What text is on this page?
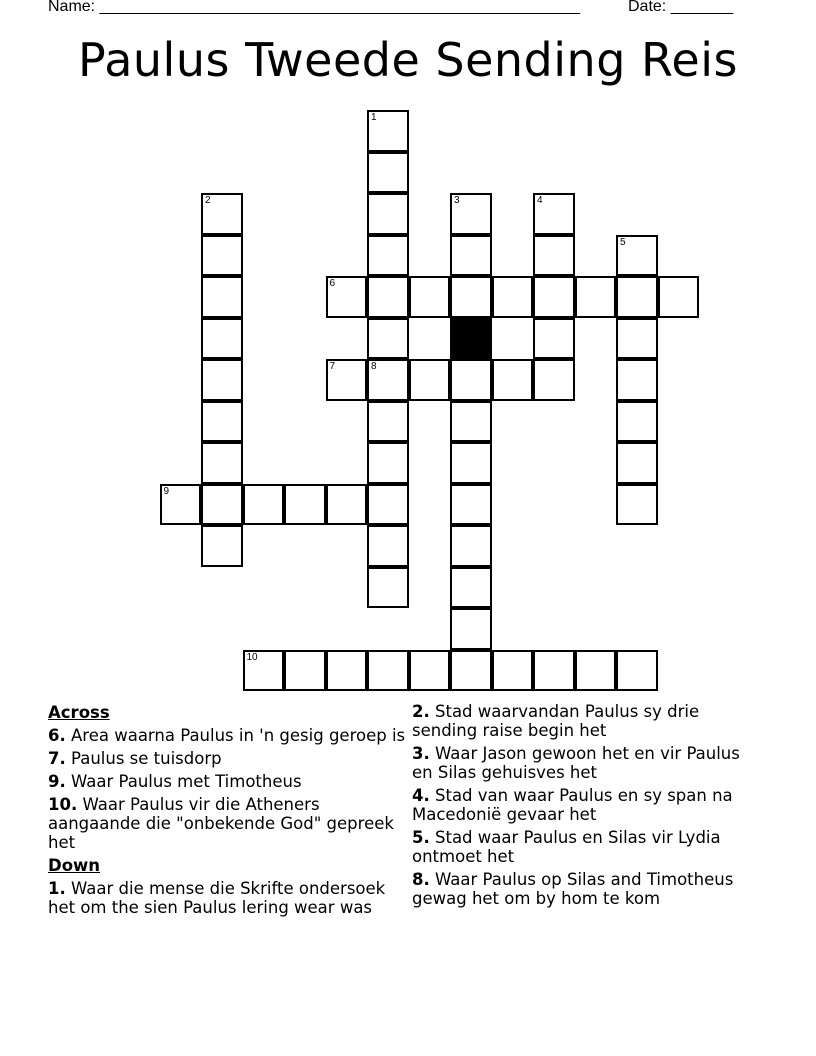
Name: ______________________________________________________	Date: _______
Paulus Tweede Sending Reis
1
2	3	4
5
6
7	8
9
10
Across
6. Area waarna Paulus in 'n gesig geroep is
7. Paulus se tuisdorp
9. Waar Paulus met Timotheus
10. Waar Paulus vir die Atheners aangaande die "onbekende God" gepreek het
Down
1. Waar die mense die Skrifte ondersoek het om the sien Paulus lering wear was
2. Stad waarvandan Paulus sy drie sending raise begin het
3. Waar Jason gewoon het en vir Paulus en Silas gehuisves het
4. Stad van waar Paulus en sy span na Macedonië gevaar het
5. Stad waar Paulus en Silas vir Lydia ontmoet het
8. Waar Paulus op Silas and Timotheus gewag het om by hom te kom
